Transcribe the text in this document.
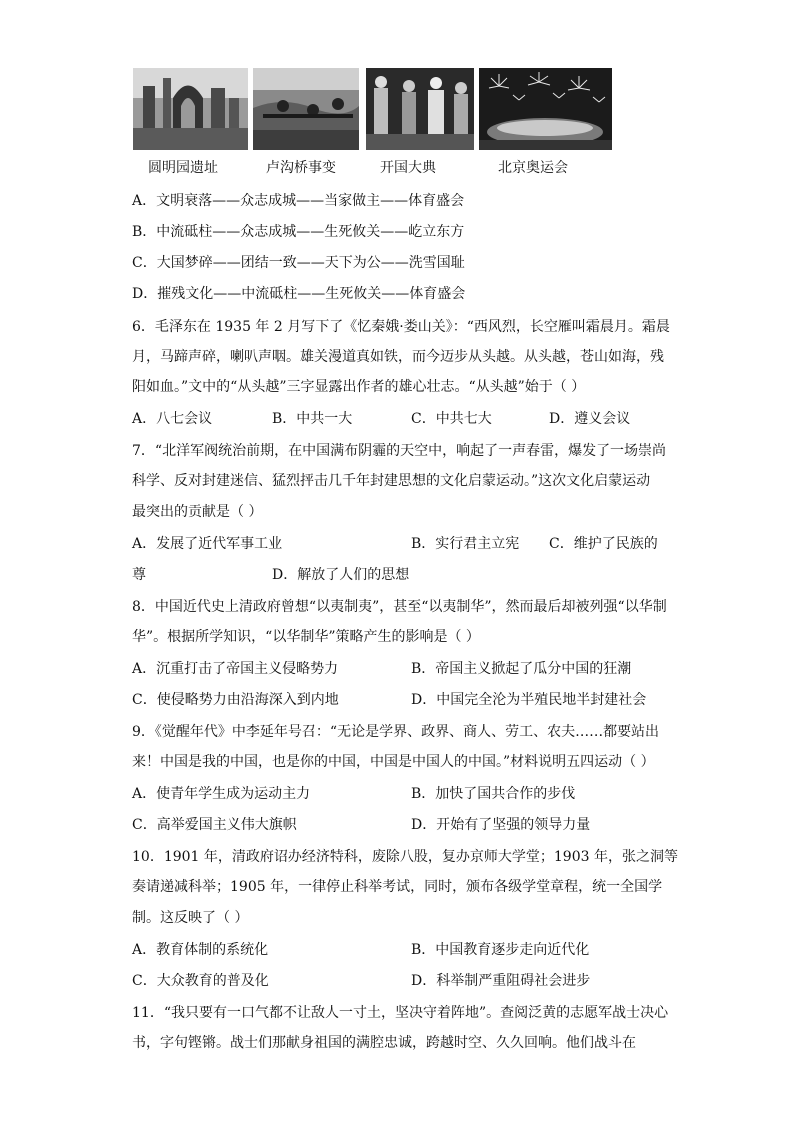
圆明园遗址	卢沟桥事变	开国大典	北京奥运会
A．文明衰落——众志成城——当家做主——体育盛会
B．中流砥柱——众志成城——生死攸关——屹立东方
C．大国梦碎——团结一致——天下为公——洗雪国耻
D．摧残文化——中流砥柱——生死攸关——体育盛会
6．毛泽东在 1935 年 2 月写下了《忆秦娥·娄山关》：“西风烈，长空雁叫霜晨月。霜晨
月，马蹄声碎，喇叭声咽。雄关漫道真如铁，而今迈步从头越。从头越，苍山如海，残
阳如血。”文中的“从头越”三字显露出作者的雄心壮志。“从头越”始于（ ）
A．八七会议	B．中共一大	C．中共七大	D．遵义会议
7．“北洋军阀统治前期，在中国满布阴霾的天空中，响起了一声春雷，爆发了一场崇尚
科学、反对封建迷信、猛烈抨击几千年封建思想的文化启蒙运动。”这次文化启蒙运动
最突出的贡献是（ ）
A．发展了近代军事工业	B．实行君主立宪 C．维护了民族的
尊	D．解放了人们的思想
8．中国近代史上清政府曾想“以夷制夷”，甚至“以夷制华”，然而最后却被列强“以华制
华”。根据所学知识，“以华制华”策略产生的影响是（ ）
A．沉重打击了帝国主义侵略势力	B．帝国主义掀起了瓜分中国的狂潮
C．使侵略势力由沿海深入到内地	D．中国完全沦为半殖民地半封建社会
9．《觉醒年代》中李延年号召：“无论是学界、政界、商人、劳工、农夫……都要站出
来！中国是我的中国，也是你的中国，中国是中国人的中国。”材料说明五四运动（ ）
A．使青年学生成为运动主力	B．加快了国共合作的步伐
C．高举爱国主义伟大旗帜	D．开始有了坚强的领导力量
10．1901 年，清政府诏办经济特科，废除八股，复办京师大学堂；1903 年，张之洞等
奏请递减科举；1905 年，一律停止科举考试，同时，颁布各级学堂章程，统一全国学
制。这反映了（ ）
A．教育体制的系统化	B．中国教育逐步走向近代化
C．大众教育的普及化	D．科举制严重阻碍社会进步
11．“我只要有一口气都不让敌人一寸土，坚决守着阵地”。查阅泛黄的志愿军战士决心
书，字句铿锵。战士们那献身祖国的满腔忠诚，跨越时空、久久回响。他们战斗在
